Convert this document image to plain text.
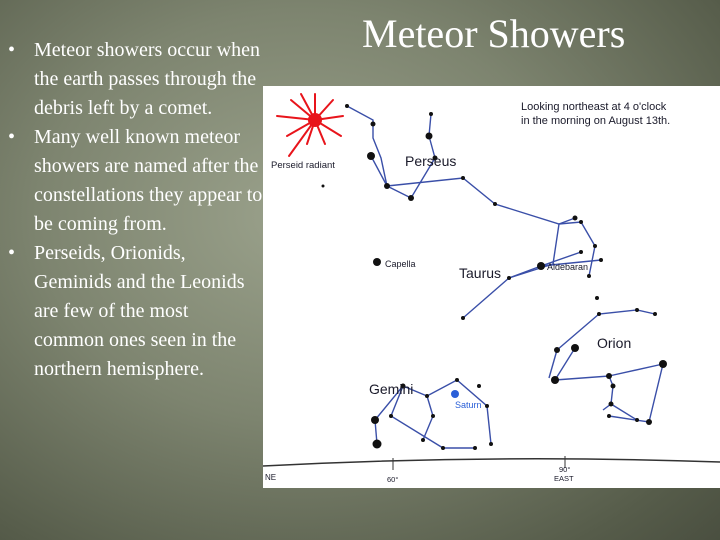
Meteor Showers
• Meteor showers occur when the earth passes through the debris left by a comet.
• Many well known meteor showers are named after the constellations they appear to be coming from.
• Perseids, Orionids, Geminids and the Leonids are few of the most common ones seen in the northern hemisphere.
Looking northeast at 4 o'clock
in the morning on August 13th.
Perseid radiant	Perseus
Capella
Taurus	Aldebaran
Orion
Gemini
Saturn
NE	60°
90°
EAST
